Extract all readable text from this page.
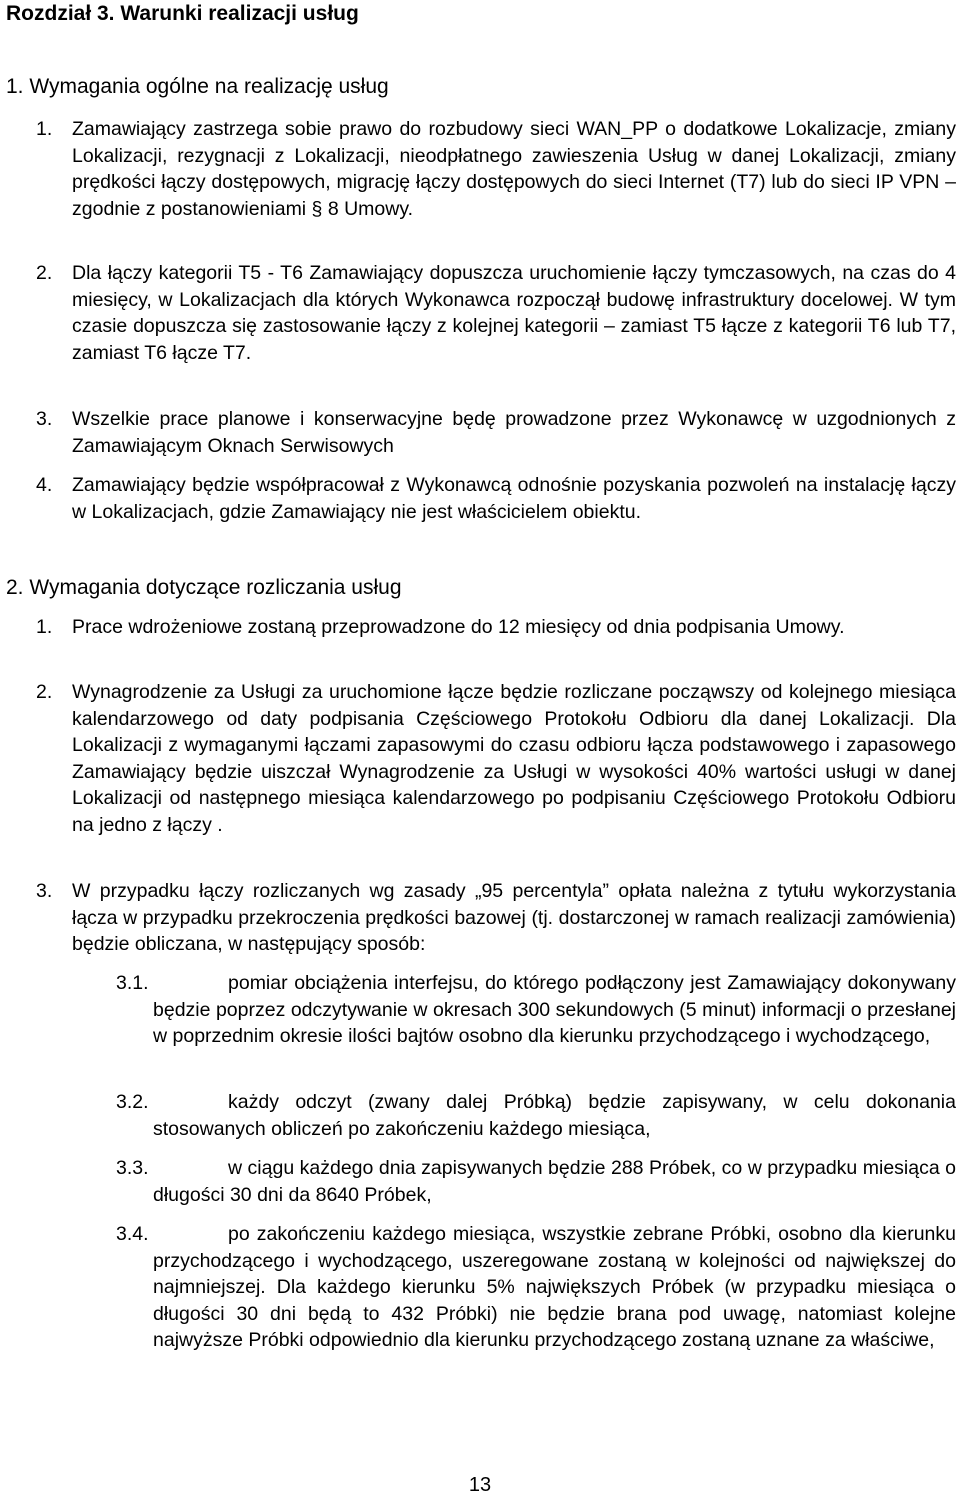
Rozdział 3. Warunki realizacji usług
1. Wymagania ogólne na realizację usług
1. Zamawiający zastrzega sobie prawo do rozbudowy sieci WAN_PP o dodatkowe Lokalizacje, zmiany Lokalizacji, rezygnacji z Lokalizacji, nieodpłatnego zawieszenia Usług w danej Lokalizacji, zmiany prędkości łączy dostępowych, migrację łączy dostępowych do sieci Internet (T7) lub do sieci IP VPN – zgodnie z postanowieniami § 8 Umowy.
2. Dla łączy kategorii T5 - T6 Zamawiający dopuszcza uruchomienie łączy tymczasowych, na czas do 4 miesięcy, w Lokalizacjach dla których Wykonawca rozpoczął budowę infrastruktury docelowej. W tym czasie dopuszcza się zastosowanie łączy z kolejnej kategorii – zamiast T5 łącze z kategorii T6 lub T7, zamiast T6 łącze T7.
3. Wszelkie prace planowe i konserwacyjne będę prowadzone przez Wykonawcę w uzgodnionych z Zamawiającym Oknach Serwisowych
4. Zamawiający będzie współpracował z Wykonawcą odnośnie pozyskania pozwoleń na instalację łączy w Lokalizacjach, gdzie Zamawiający nie jest właścicielem obiektu.
2. Wymagania dotyczące rozliczania usług
1. Prace wdrożeniowe zostaną przeprowadzone do 12 miesięcy od dnia podpisania Umowy.
2. Wynagrodzenie za Usługi za uruchomione łącze będzie rozliczane począwszy od kolejnego miesiąca kalendarzowego od daty podpisania Częściowego Protokołu Odbioru dla danej Lokalizacji. Dla Lokalizacji z wymaganymi łączami zapasowymi do czasu odbioru łącza podstawowego i zapasowego Zamawiający będzie uiszczał Wynagrodzenie za Usługi w wysokości 40% wartości usługi w danej Lokalizacji od następnego miesiąca kalendarzowego po podpisaniu Częściowego Protokołu Odbioru na jedno z łączy .
3. W przypadku łączy rozliczanych wg zasady „95 percentyla” opłata należna z tytułu wykorzystania łącza w przypadku przekroczenia prędkości bazowej (tj. dostarczonej w ramach realizacji zamówienia) będzie obliczana, w następujący sposób:
3.1.	pomiar obciążenia interfejsu, do którego podłączony jest Zamawiający dokonywany będzie poprzez odczytywanie w okresach 300 sekundowych (5 minut) informacji o przesłanej w poprzednim okresie ilości bajtów osobno dla kierunku przychodzącego i wychodzącego,
3.2.	każdy odczyt (zwany dalej Próbką) będzie zapisywany, w celu dokonania stosowanych obliczeń po zakończeniu każdego miesiąca,
3.3.	w ciągu każdego dnia zapisywanych będzie 288 Próbek, co w przypadku miesiąca o długości 30 dni da 8640 Próbek,
3.4.	po zakończeniu każdego miesiąca, wszystkie zebrane Próbki, osobno dla kierunku przychodzącego i wychodzącego, uszeregowane zostaną w kolejności od największej do najmniejszej. Dla każdego kierunku 5% największych Próbek (w przypadku miesiąca o długości 30 dni będą to 432 Próbki) nie będzie brana pod uwagę, natomiast kolejne najwyższe Próbki odpowiednio dla kierunku przychodzącego zostaną uznane za właściwe,
13
